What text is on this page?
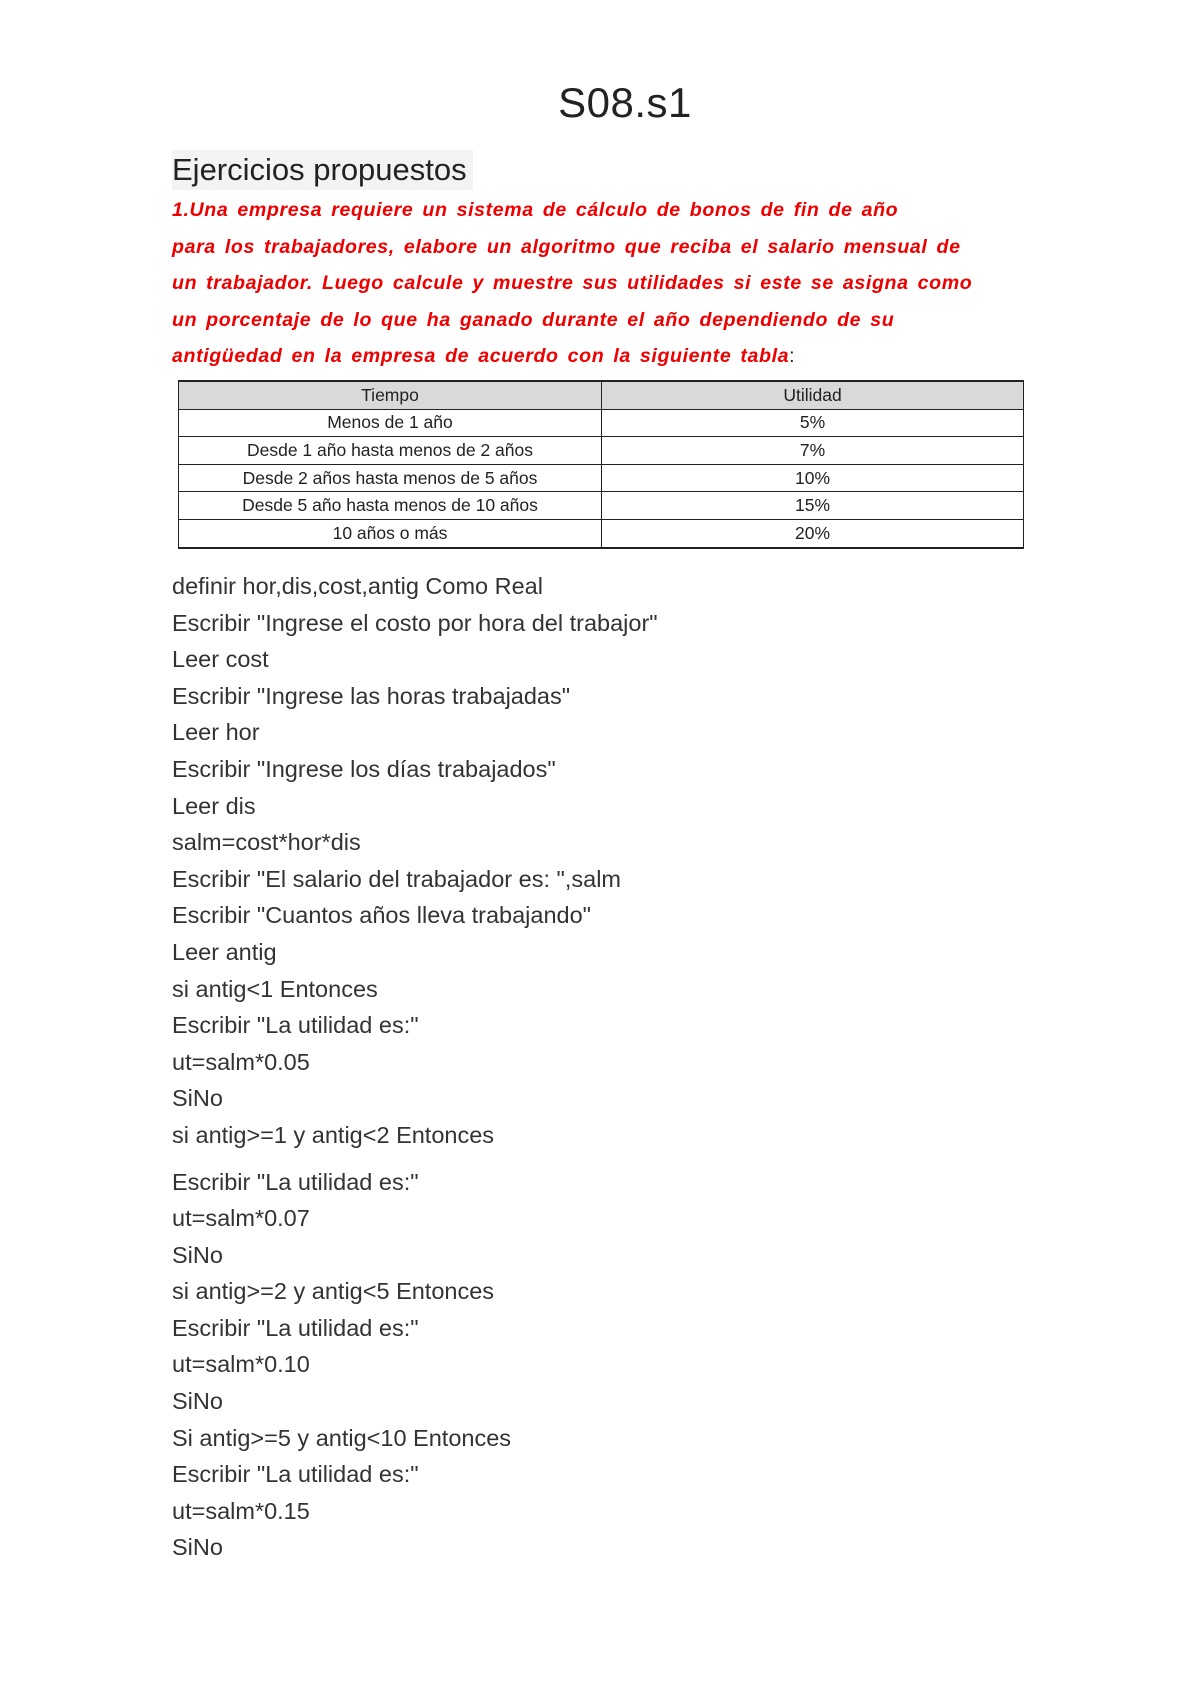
S08.s1
Ejercicios propuestos
1.Una empresa requiere un sistema de cálculo de bonos de fin de año
para los trabajadores, elabore un algoritmo que reciba el salario mensual de
un trabajador. Luego calcule y muestre sus utilidades si este se asigna como
un porcentaje de lo que ha ganado durante el año dependiendo de su
antigüedad en la empresa de acuerdo con la siguiente tabla:
Tiempo	Utilidad
Menos de 1 año	5%
Desde 1 año hasta menos de 2 años	7%
Desde 2 años hasta menos de 5 años	10%
Desde 5 año hasta menos de 10 años	15%
10 años o más	20%
definir hor,dis,cost,antig Como Real
Escribir "Ingrese el costo por hora del trabajor"
Leer cost
Escribir "Ingrese las horas trabajadas"
Leer hor
Escribir "Ingrese los días trabajados"
Leer dis
salm=cost*hor*dis
Escribir "El salario del trabajador es: ",salm
Escribir "Cuantos años lleva trabajando"
Leer antig
si antig<1 Entonces
Escribir "La utilidad es:"
ut=salm*0.05
SiNo
si antig>=1 y antig<2 Entonces
Escribir "La utilidad es:"
ut=salm*0.07
SiNo
si antig>=2 y antig<5 Entonces
Escribir "La utilidad es:"
ut=salm*0.10
SiNo
Si antig>=5 y antig<10 Entonces
Escribir "La utilidad es:"
ut=salm*0.15
SiNo
